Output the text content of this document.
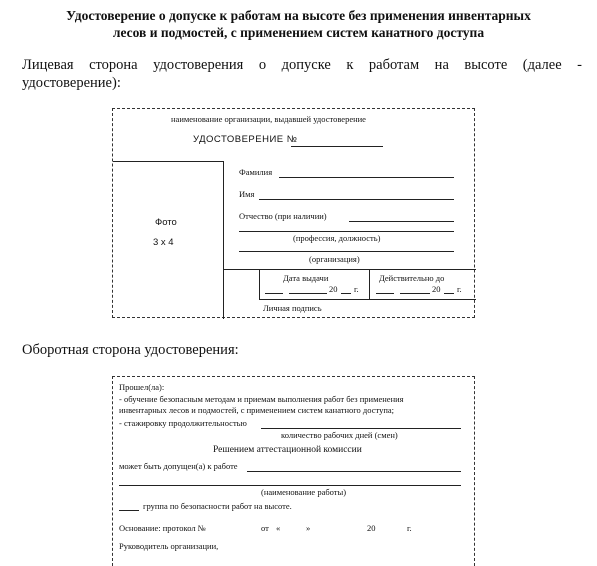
Удостоверение о допуске к работам на высоте без применения инвентарных
лесов и подмостей, с применением систем канатного доступа
Лицевая сторона удостоверения о допуске к работам на высоте (далее -
удостоверение):
наименование организации, выдавшей удостоверение
УДОСТОВЕРЕНИЕ №
Фото
3 х 4
Фамилия
Имя
Отчество (при наличии)
(профессия, должность)
(организация)
Дата выдачи	Действительно до
20 г.	20 г.
Личная подпись
Оборотная сторона удостоверения:
Прошел(ла):
- обучение безопасным методам и приемам выполнения работ без применения
инвентарных лесов и подмостей, с применением систем канатного доступа;
- стажировку продолжительностью
количество рабочих дней (смен)
Решением аттестационной комиссии
может быть допущен(а) к работе
(наименование работы)
группа по безопасности работ на высоте.
Основание: протокол №	от «	»	20	г.
Руководитель организации,
